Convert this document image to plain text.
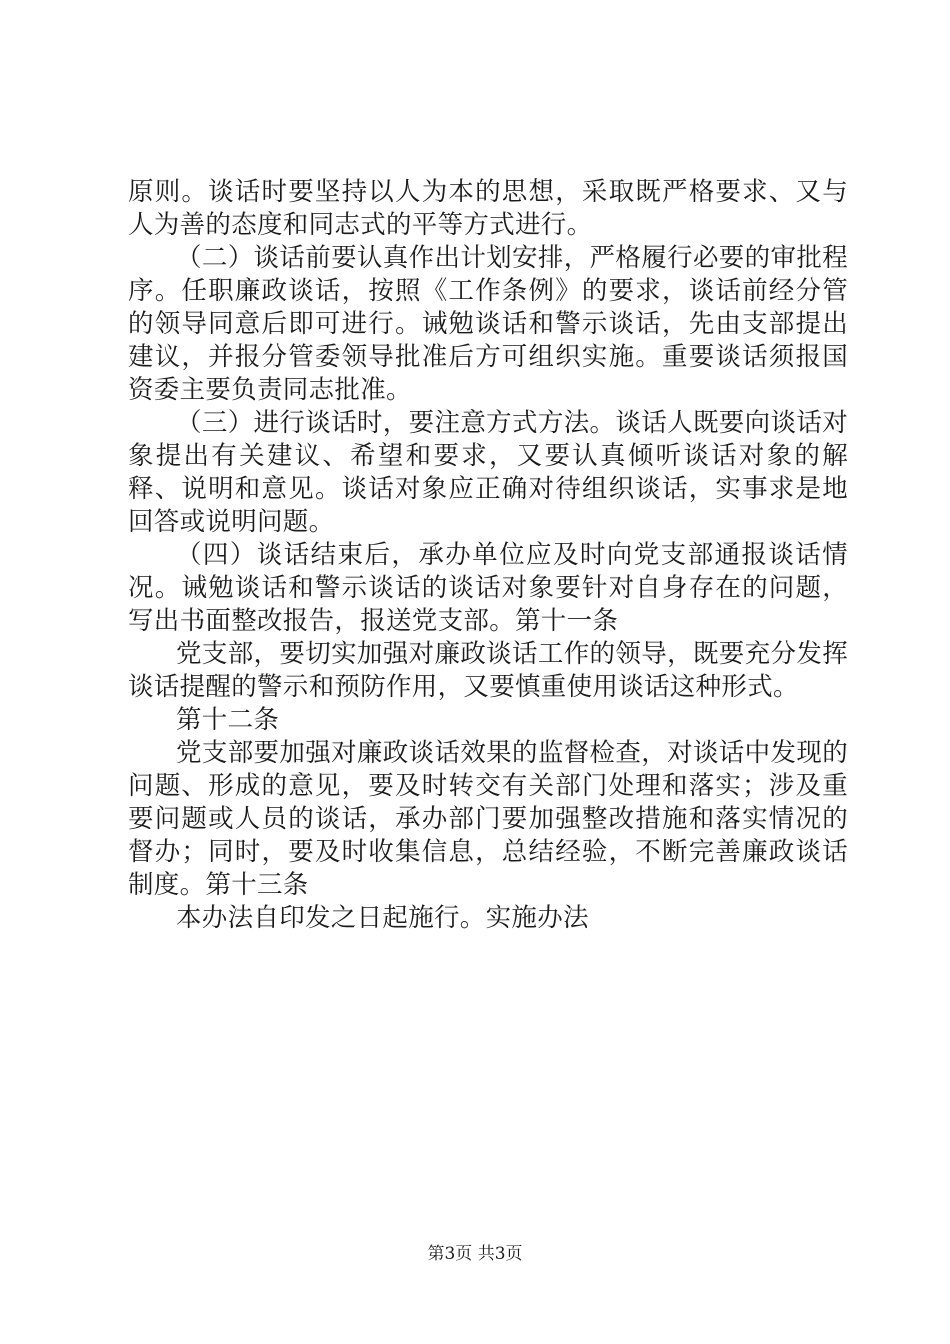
原则。谈话时要坚持以人为本的思想，采取既严格要求、又与人为善的态度和同志式的平等方式进行。

（二）谈话前要认真作出计划安排，严格履行必要的审批程序。任职廉政谈话，按照《工作条例》的要求，谈话前经分管的领导同意后即可进行。诫勉谈话和警示谈话，先由支部提出建议，并报分管委领导批准后方可组织实施。重要谈话须报国资委主要负责同志批准。

（三）进行谈话时，要注意方式方法。谈话人既要向谈话对象提出有关建议、希望和要求，又要认真倾听谈话对象的解释、说明和意见。谈话对象应正确对待组织谈话，实事求是地回答或说明问题。

（四）谈话结束后，承办单位应及时向党支部通报谈话情况。诫勉谈话和警示谈话的谈话对象要针对自身存在的问题，写出书面整改报告，报送党支部。第十一条

党支部，要切实加强对廉政谈话工作的领导，既要充分发挥谈话提醒的警示和预防作用，又要慎重使用谈话这种形式。

第十二条

党支部要加强对廉政谈话效果的监督检查，对谈话中发现的问题、形成的意见，要及时转交有关部门处理和落实；涉及重要问题或人员的谈话，承办部门要加强整改措施和落实情况的督办；同时，要及时收集信息，总结经验，不断完善廉政谈话制度。第十三条

本办法自印发之日起施行。实施办法

第3页 共3页
